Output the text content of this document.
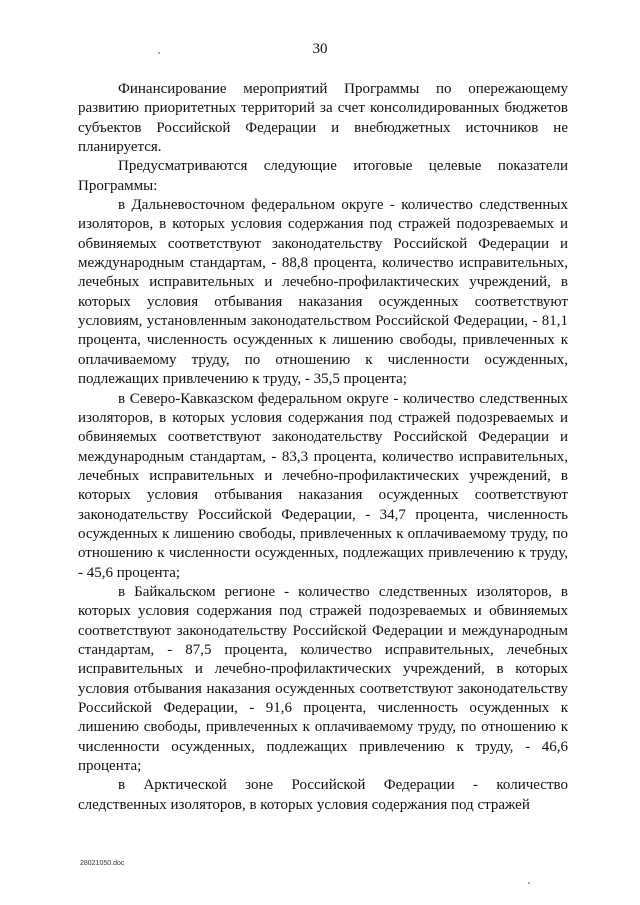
30

Финансирование мероприятий Программы по опережающему развитию приоритетных территорий за счет консолидированных бюджетов субъектов Российской Федерации и внебюджетных источников не планируется.

Предусматриваются следующие итоговые целевые показатели Программы:

в Дальневосточном федеральном округе - количество следственных изоляторов, в которых условия содержания под стражей подозреваемых и обвиняемых соответствуют законодательству Российской Федерации и международным стандартам, - 88,8 процента, количество исправительных, лечебных исправительных и лечебно-профилактических учреждений, в которых условия отбывания наказания осужденных соответствуют условиям, установленным законодательством Российской Федерации, - 81,1 процента, численность осужденных к лишению свободы, привлеченных к оплачиваемому труду, по отношению к численности осужденных, подлежащих привлечению к труду, - 35,5 процента;

в Северо-Кавказском федеральном округе - количество следственных изоляторов, в которых условия содержания под стражей подозреваемых и обвиняемых соответствуют законодательству Российской Федерации и международным стандартам, - 83,3 процента, количество исправительных, лечебных исправительных и лечебно-профилактических учреждений, в которых условия отбывания наказания осужденных соответствуют законодательству Российской Федерации, - 34,7 процента, численность осужденных к лишению свободы, привлеченных к оплачиваемому труду, по отношению к численности осужденных, подлежащих привлечению к труду, - 45,6 процента;

в Байкальском регионе - количество следственных изоляторов, в которых условия содержания под стражей подозреваемых и обвиняемых соответствуют законодательству Российской Федерации и международным стандартам, - 87,5 процента, количество исправительных, лечебных исправительных и лечебно-профилактических учреждений, в которых условия отбывания наказания осужденных соответствуют законодательству Российской Федерации, - 91,6 процента, численность осужденных к лишению свободы, привлеченных к оплачиваемому труду, по отношению к численности осужденных, подлежащих привлечению к труду, - 46,6 процента;

в Арктической зоне Российской Федерации - количество следственных изоляторов, в которых условия содержания под стражей

28021050.doc
